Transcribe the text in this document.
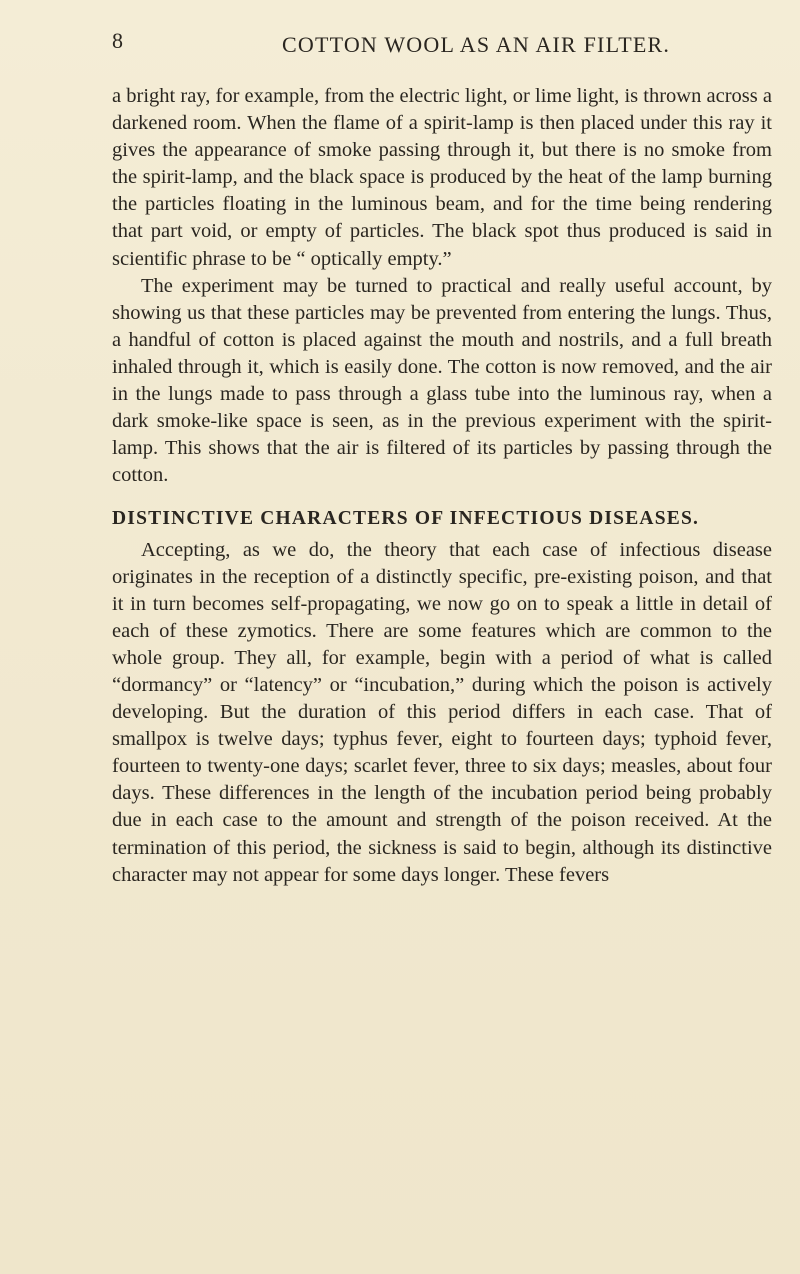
8	COTTON WOOL AS AN AIR FILTER.

a bright ray, for example, from the electric light, or lime light, is thrown across a darkened room. When the flame of a spirit-lamp is then placed under this ray it gives the appearance of smoke passing through it, but there is no smoke from the spirit-lamp, and the black space is produced by the heat of the lamp burning the particles floating in the luminous beam, and for the time being rendering that part void, or empty of particles. The black spot thus produced is said in scientific phrase to be “ optically empty.”

The experiment may be turned to practical and really useful account, by showing us that these particles may be prevented from entering the lungs. Thus, a handful of cotton is placed against the mouth and nostrils, and a full breath inhaled through it, which is easily done. The cotton is now removed, and the air in the lungs made to pass through a glass tube into the luminous ray, when a dark smoke-like space is seen, as in the previous experiment with the spirit-lamp. This shows that the air is filtered of its particles by passing through the cotton.

DISTINCTIVE CHARACTERS OF INFECTIOUS DISEASES.

Accepting, as we do, the theory that each case of infectious disease originates in the reception of a distinctly specific, pre-existing poison, and that it in turn becomes self-propagating, we now go on to speak a little in detail of each of these zymotics. There are some features which are common to the whole group. They all, for example, begin with a period of what is called “dormancy” or “latency” or “incubation,” during which the poison is actively developing. But the duration of this period differs in each case. That of smallpox is twelve days; typhus fever, eight to fourteen days; typhoid fever, fourteen to twenty-one days; scarlet fever, three to six days; measles, about four days. These differences in the length of the incubation period being probably due in each case to the amount and strength of the poison received. At the termination of this period, the sickness is said to begin, although its distinctive character may not appear for some days longer. These fevers
